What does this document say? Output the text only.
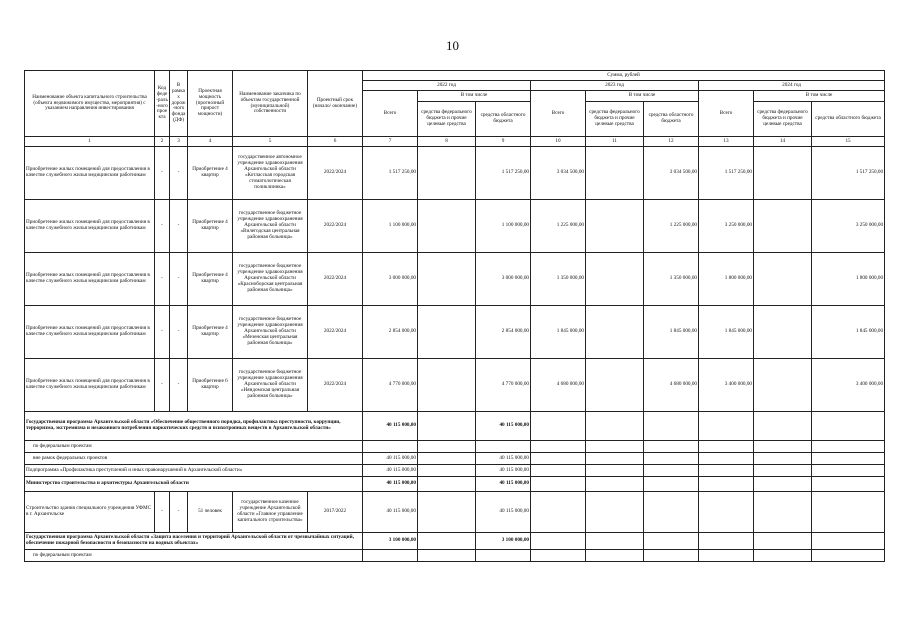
10
Наименование объекта капитального строительства (объекта недвижимого имущества, мероприятия) с указанием направления инвестирования	Код феде-раль-ного проекта	В рамках дорож-ного фонда (ДФ)	Проектная мощность (прогнозный прирост мощности)	Наименование заказчика по объектам государственной (муниципальной) собственности	Проектный срок (начало/ окончание)	Сумма, рублей								
						2022 год			2023 год			2024 год		
						Всего	В том числе		Всего	В том числе		Всего	В том числе	
							средства федерального бюджета и прочие целевые средства	средства областного бюджета		средства федерального бюджета и прочие целевые средства	средства областного бюджета		средства федерального бюджета и прочие целевые средства	средства областного бюджета
1	2	3	4	5	6	7	8	9	10	11	12	13	14	15
Приобретение жилых помещений для предоставления в качестве служебного жилья медицинским работникам	-	-	Приобретение 4 квартир	государственное автономное учреждение здравоохранения Архангельской области «Котласская городская стоматологическая поликлиника»	2022/2024	1 517 250,00		1 517 250,00	3 034 500,00		3 034 500,00	1 517 250,00		1 517 250,00
Приобретение жилых помещений для предоставления в качестве служебного жилья медицинским работникам	-	-	Приобретение 4 квартир	государственное бюджетное учреждение здравоохранения Архангельской области «Вилегодская центральная районная больница»	2022/2024	1 100 000,00		1 100 000,00	1 225 000,00		1 225 000,00	3 250 000,00		3 250 000,00
Приобретение жилых помещений для предоставления в качестве служебного жилья медицинским работникам	-	-	Приобретение 4 квартир	государственное бюджетное учреждение здравоохранения Архангельской области «Красноборская центральная районная больница»	2022/2024	3 000 000,00		3 000 000,00	1 350 000,00		1 350 000,00	1 800 000,00		1 800 000,00
Приобретение жилых помещений для предоставления в качестве служебного жилья медицинским работникам	-	-	Приобретение 4 квартир	государственное бюджетное учреждение здравоохранения Архангельской области «Мезенская центральная районная больница»	2022/2024	2 854 000,00		2 854 000,00	1 845 000,00		1 845 000,00	1 845 000,00		1 845 000,00
Приобретение жилых помещений для предоставления в качестве служебного жилья медицинским работникам	-	-	Приобретение 6 квартир	государственное бюджетное учреждение здравоохранения Архангельской области «Няндомская центральная районная больница»	2022/2024	4 770 000,00		4 770 000,00	4 680 000,00		4 680 000,00	3 400 000,00		3 400 000,00
Государственная программа Архангельской области «Обеспечение общественного порядка, профилактика преступности, коррупции, терроризма, экстремизма и незаконного потребления наркотических средств и психотропных веществ в Архангельской области»						40 115 000,00		40 115 000,00						
по федеральным проектам														
вне рамок федеральных проектов						40 115 000,00		40 115 000,00						
Подпрограмма «Профилактика преступлений и иных правонарушений в Архангельской области»						40 115 000,00		40 115 000,00						
Министерство строительства и архитектуры Архангельской области						40 115 000,00		40 115 000,00						
Строительство здания специального учреждения УФМС в г. Архангельске	-	-	51 человек	государственное казенное учреждение Архангельской области «Главное управление капитального строительства»	2017/2022	40 115 000,00		40 115 000,00						
Государственная программа Архангельской области «Защита населения и территорий Архангельской области от чрезвычайных ситуаций, обеспечение пожарной безопасности и безопасности на водных объектах»						3 100 000,00		3 100 000,00						
по федеральным проектам														
